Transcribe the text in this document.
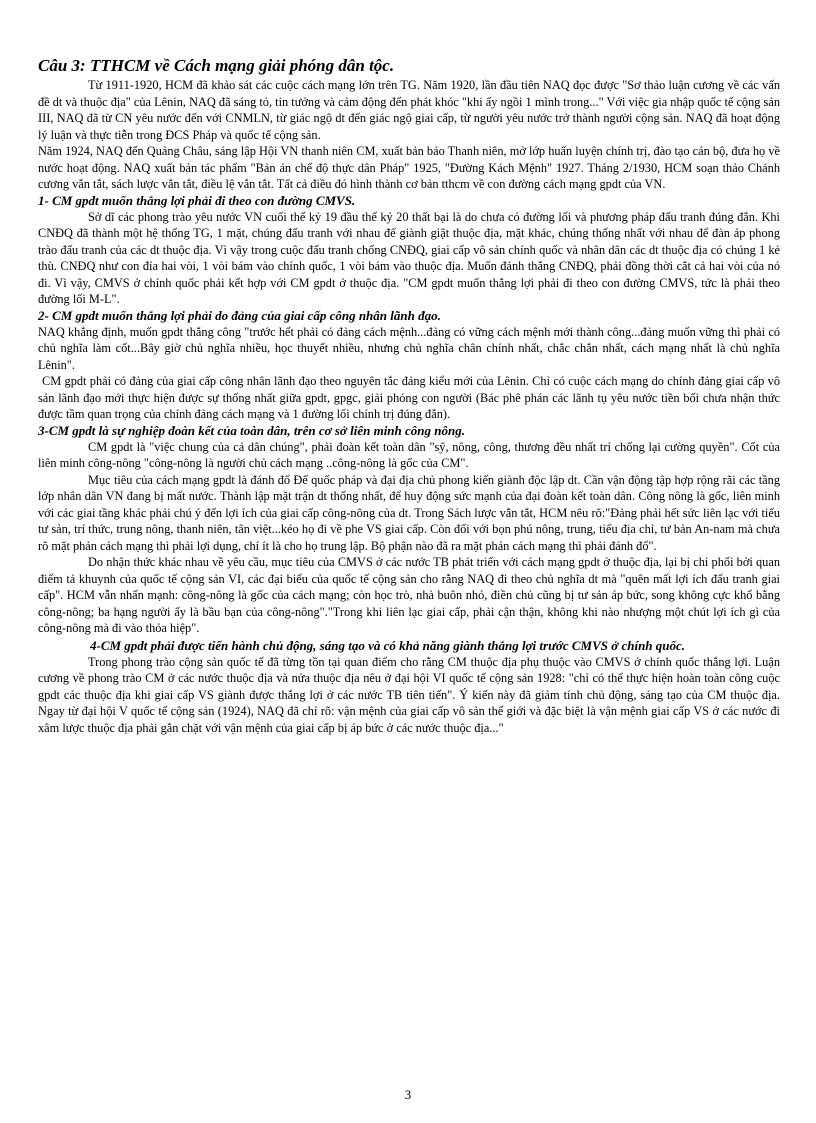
Câu 3: TTHCM về Cách mạng giải phóng dân tộc.

Từ 1911-1920, HCM đã khảo sát các cuộc cách mạng lớn trên TG. Năm 1920, lần đầu tiên NAQ đọc được "Sơ thảo luận cương về các vấn đề dt và thuộc địa" của Lênin, NAQ đã sáng tỏ, tin tưởng và cảm động đến phát khóc "khi ấy ngồi 1 mình trong..." Với việc gia nhập quốc tế cộng sản III, NAQ đã từ CN yêu nước đến với CNMLN, từ giác ngộ dt đến giác ngộ giai cấp, từ người yêu nước trở thành người cộng sản. NAQ đã hoạt động lý luận và thực tiễn trong ĐCS Pháp và quốc tế cộng sản.

Năm 1924, NAQ đến Quảng Châu, sáng lập Hội VN thanh niên CM, xuất bản báo Thanh niên, mở lớp huấn luyện chính trị, đào tạo cán bộ, đưa họ về nước hoạt động. NAQ xuất bản tác phẩm "Bản án chế độ thực dân Pháp" 1925, "Đường Kách Mệnh" 1927. Tháng 2/1930, HCM soạn thảo Chánh cương vắn tắt, sách lược vắn tắt, điều lệ vắn tắt. Tất cả điều đó hình thành cơ bản tthcm về con đường cách mạng gpdt của VN.

1- CM gpdt muốn thắng lợi phải đi theo con đường CMVS.

Sở dĩ các phong trào yêu nước VN cuối thế kỷ 19 đầu thế kỷ 20 thất bại là do chưa có đường lối và phương pháp đấu tranh đúng đắn. Khi CNĐQ đã thành một hệ thống TG, 1 mặt, chúng đấu tranh với nhau để giành giật thuộc địa, mặt khác, chúng thống nhất với nhau để đàn áp phong trào đấu tranh của các dt thuộc địa. Vì vậy trong cuộc đấu tranh chống CNĐQ, giai cấp vô sản chính quốc và nhân dân các dt thuộc địa có chúng 1 kẻ thù. CNĐQ như con đỉa hai vòi, 1 vòi bám vào chính quốc, 1 vòi bám vào thuộc địa. Muốn đánh thắng CNĐQ, phải đồng thời cắt cả hai vòi của nó đi. Vì vậy, CMVS ở chính quốc phải kết hợp với CM gpdt ở thuộc địa. "CM gpdt muốn thắng lợi phải đi theo con đường CMVS, tức là phải theo đường lối M-L".

2- CM gpdt muốn thắng lợi phải do đảng của giai cấp công nhân lãnh đạo.

NAQ khẳng định, muốn gpdt thắng công "trước hết phải có đảng cách mệnh...đảng có vững cách mệnh mới thành công...đảng muốn vững thì phải có chủ nghĩa làm cốt...Bây giờ chủ nghĩa nhiều, học thuyết nhiều, nhưng chủ nghĩa chân chính nhất, chắc chắn nhất, cách mạng nhất là chủ nghĩa Lênin".

CM gpdt phải có đảng của giai cấp công nhân lãnh đạo theo nguyên tắc đảng kiểu mới của Lênin. Chỉ có cuộc cách mạng do chính đảng giai cấp vô sản lãnh đạo mới thực hiện được sự thống nhất giữa gpdt, gpgc, giải phóng con người (Bác phê phán các lãnh tụ yêu nước tiền bối chưa nhận thức được tầm quan trọng của chính đảng cách mạng và 1 đường lối chính trị đúng đắn).

3-CM gpdt là sự nghiệp đoàn kết của toàn dân, trên cơ sở liên minh công nông.

CM gpdt là "việc chung của cả dân chúng", phải đoàn kết toàn dân "sỹ, nông, công, thương đều nhất trí chống lại cường quyền". Cốt của liên minh công-nông "công-nông là người chủ cách mạng ..công-nông là gốc của CM".

Mục tiêu của cách mạng gpdt là đánh đổ Đế quốc pháp và đại địa chủ phong kiến giành độc lập dt. Cần vận động tập hợp rộng rãi các tầng lớp nhân dân VN đang bị mất nước. Thành lập mặt trận dt thống nhất, để huy động sức mạnh của đại đoàn kết toàn dân. Công nông là gốc, liên minh với các giai tầng khác phải chú ý đến lợi ích của giai cấp công-nông của dt. Trong Sách lược vắn tắt, HCM nêu rõ:"Đảng phải hết sức liên lạc với tiểu tư sản, trí thức, trung nông, thanh niên, tân việt...kéo họ đi về phe VS giai cấp. Còn đối với bọn phú nông, trung, tiểu địa chỉ, tư bản An-nam mà chưa rõ mặt phản cách mạng thì phải lợi dụng, chí ít là cho họ trung lập. Bộ phận nào đã ra mặt phản cách mạng thì phải đánh đổ".

Do nhận thức khác nhau về yêu cầu, mục tiêu của CMVS ở các nước TB phát triển với cách mạng gpdt ở thuộc địa, lại bị chi phối bởi quan điểm tả khuynh của quốc tế cộng sản VI, các đại biểu của quốc tế cộng sản cho rằng NAQ đi theo chủ nghĩa dt mà "quên mất lợi ích đấu tranh giai cấp". HCM vẫn nhấn mạnh: công-nông là gốc của cách mạng; còn học trò, nhà buôn nhỏ, điền chủ cũng bị tư sản áp bức, song không cực khổ bằng công-nông; ba hạng người ấy là bầu bạn của công-nông"."Trong khi liên lạc giai cấp, phải cận thận, không khi nào nhượng một chút lợi ích gì của công-nông mà đi vào thỏa hiệp".

4-CM gpdt phải được tiến hành chủ động, sáng tạo và có khả năng giành thắng lợi trước CMVS ở chính quốc.

Trong phong trào cộng sản quốc tế đã từng tồn tại quan điểm cho rằng CM thuộc địa phụ thuộc vào CMVS ở chính quốc thắng lợi. Luận cương về phong trào CM ở các nước thuộc địa và nửa thuộc địa nêu ở đại hội VI quốc tế cộng sản 1928: "chỉ có thể thực hiện hoàn toàn công cuộc gpdt các thuộc địa khi giai cấp VS giành được thắng lợi ở các nước TB tiên tiến". Ý kiến này đã giảm tính chủ động, sáng tạo của CM thuộc địa. Ngay từ đại hội V quốc tế cộng sản (1924), NAQ đã chỉ rõ: vận mệnh của giai cấp vô sản thế giới và đặc biệt là vận mệnh giai cấp VS ở các nước đi xâm lược thuộc địa phải gắn chặt với vận mệnh của giai cấp bị áp bức ở các nước thuộc địa..."

3
